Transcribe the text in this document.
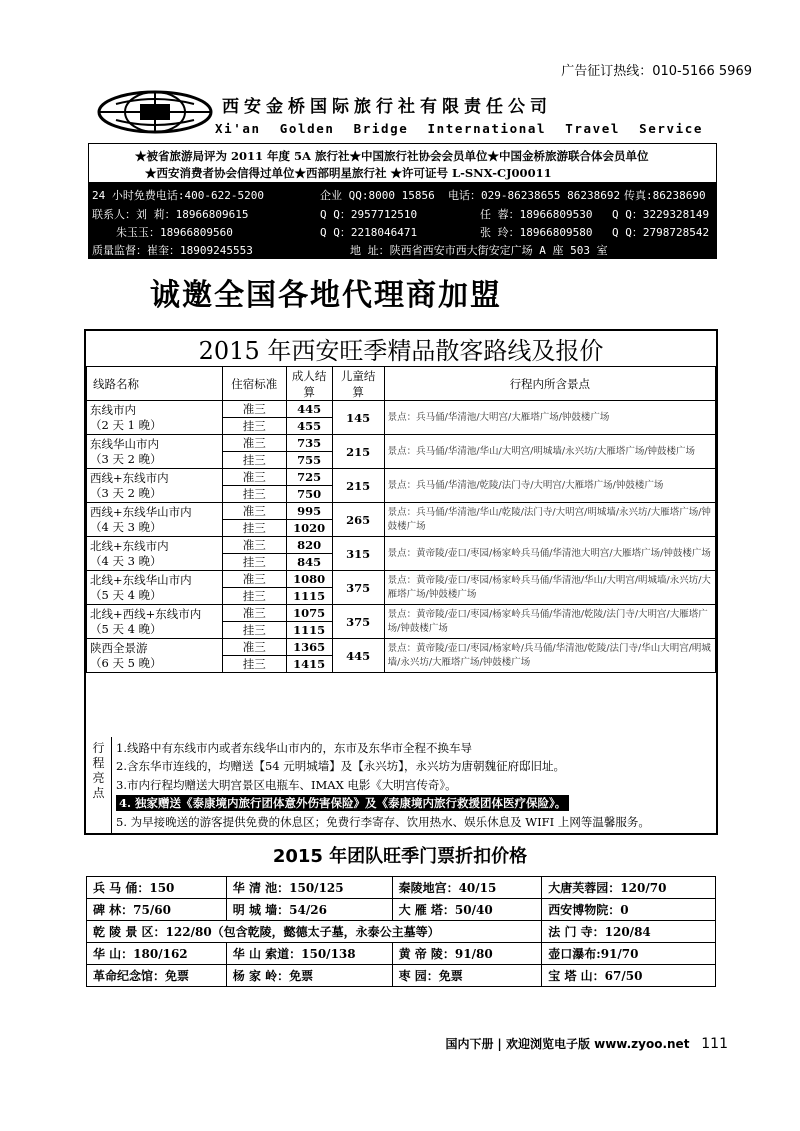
广告征订热线：010-5166 5969
西安金桥国际旅行社有限责任公司
Xi'an Golden Bridge International Travel Service
24 小时免费电话:400-622-5200	企业 QQ:8000 15856 电话：029-86238655 86238692 传真:86238690
联系人：刘 莉：18966809615	Q Q：2957712510	任 蓉：18966809530 Q Q：3229328149
朱玉玉：18966809560	Q Q：2218046471	张 玲：18966809580 Q Q：2798728542
质量监督：崔奎：18909245553	地 址：陕西省西安市西大街安定广场 A 座 503 室
★被省旅游局评为 2011 年度 5A 旅行社★中国旅行社协会会员单位★中国金桥旅游联合体会员单位
★西安消费者协会信得过单位★西部明星旅行社 ★许可证号 L-SNX-CJ00011
诚邀全国各地代理商加盟
2015 年西安旺季精品散客路线及报价
线路名称	住宿标准	成人结算	儿童结算	行程内所含景点
东线市内
（2 天 1 晚）	准三	445	145	景点：兵马俑/华清池/大明宫/大雁塔广场/钟鼓楼广场
	挂三	455		
东线华山市内
（3 天 2 晚）	准三	735	215	景点：兵马俑/华清池/华山/大明宫/明城墙/永兴坊/大雁塔广场/钟鼓楼广场
	挂三	755		
西线+东线市内
（3 天 2 晚）	准三	725	215	景点：兵马俑/华清池/乾陵/法门寺/大明宫/大雁塔广场/钟鼓楼广场
	挂三	750		
西线+东线华山市内
（4 天 3 晚）	准三	995	265	景点：兵马俑/华清池/华山/乾陵/法门寺/大明宫/明城墙/永兴坊/大雁塔广场/钟鼓楼广场
	挂三	1020		
北线+东线市内
（4 天 3 晚）	准三	820	315	景点：黄帝陵/壶口/枣园/杨家岭兵马俑/华清池大明宫/大雁塔广场/钟鼓楼广场
	挂三	845		
北线+东线华山市内
（5 天 4 晚）	准三	1080	375	景点：黄帝陵/壶口/枣园/杨家岭兵马俑/华清池/华山/大明宫/明城墙/永兴坊/大雁塔广场/钟鼓楼广场
	挂三	1115		
北线+西线+东线市内
（5 天 4 晚）	准三	1075	375	景点：黄帝陵/壶口/枣园/杨家岭兵马俑/华清池/乾陵/法门寺/大明宫/大雁塔广场/钟鼓楼广场
	挂三	1115		
陕西全景游
（6 天 5 晚）	准三	1365	445	景点：黄帝陵/壶口/枣园/杨家岭/兵马俑/华清池/乾陵/法门寺/华山大明宫/明城墙/永兴坊/大雁塔广场/钟鼓楼广场
	挂三	1415		
行
程
亮
点
1.线路中有东线市内或者东线华山市内的，东市及东华市全程不换车导
2.含东华市连线的，均赠送【54 元明城墙】及【永兴坊】，永兴坊为唐朝魏征府邸旧址。
3.市内行程均赠送大明宫景区电瓶车、IMAX 电影《大明宫传奇》。
4. 独家赠送《泰康境内旅行团体意外伤害保险》及《泰康境内旅行救援团体医疗保险》。
5. 为早接晚送的游客提供免费的休息区；免费行李寄存、饮用热水、娱乐休息及 WIFI 上网等温馨服务。
2015 年团队旺季门票折扣价格
兵 马 俑：150	华 清 池：150/125	秦陵地宫：40/15	大唐芙蓉园：120/70
碑 林：75/60	明 城 墙：54/26	大 雁 塔：50/40	西安博物院：0
乾 陵 景 区：122/80（包含乾陵，懿德太子墓，永泰公主墓等）			法 门 寺：120/84
华 山：180/162	华 山 索道：150/138	黄 帝 陵：91/80	壶口瀑布:91/70
革命纪念馆：免票	杨 家 岭：免票	枣 园：免票	宝 塔 山：67/50
国内下册 | 欢迎浏览电子版 www.zyoo.net 111
